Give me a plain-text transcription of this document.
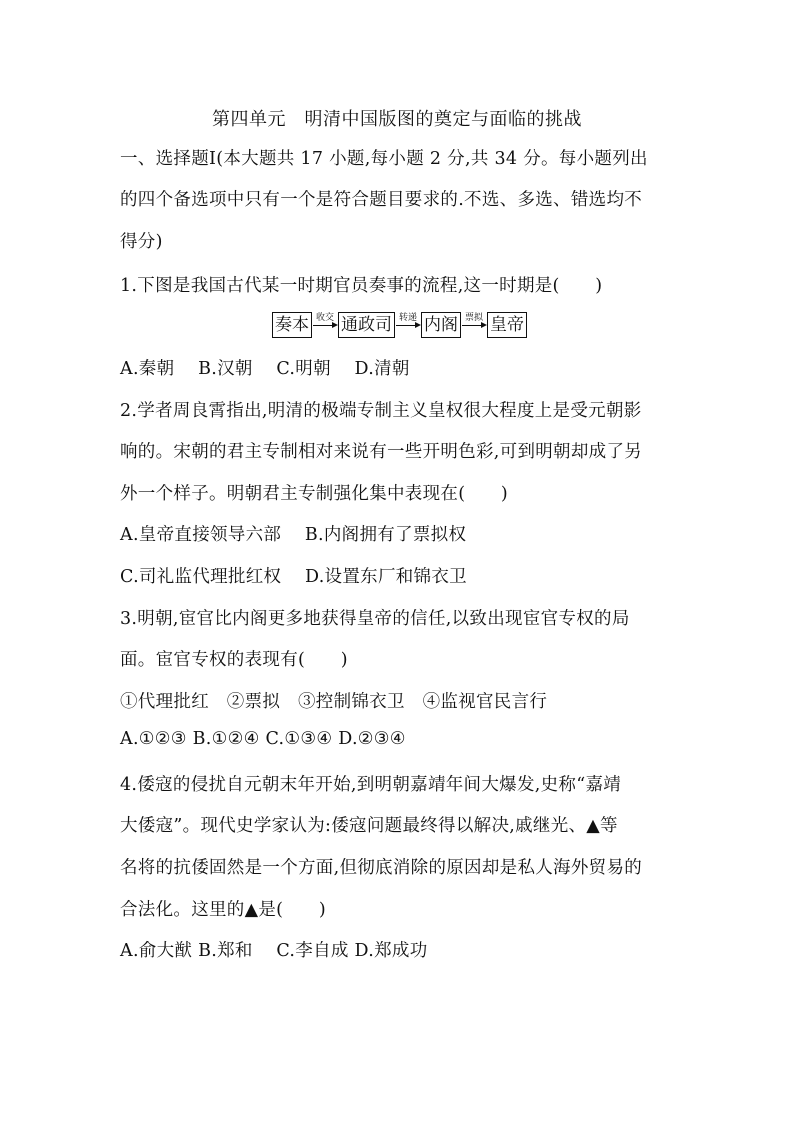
第四单元　明清中国版图的奠定与面临的挑战
一、选择题Ⅰ(本大题共 17 小题,每小题 2 分,共 34 分。每小题列出
的四个备选项中只有一个是符合题目要求的.不选、多选、错选均不
得分)
1.下图是我国古代某一时期官员奏事的流程,这一时期是(　　)
奏本 收交 通政司 转递 内阁 票拟 皇帝
A.秦朝　 B.汉朝　 C.明朝　 D.清朝
2.学者周良霄指出,明清的极端专制主义皇权很大程度上是受元朝影
响的。宋朝的君主专制相对来说有一些开明色彩,可到明朝却成了另
外一个样子。明朝君主专制强化集中表现在(　　)
A.皇帝直接领导六部　 B.内阁拥有了票拟权
C.司礼监代理批红权　 D.设置东厂和锦衣卫
3.明朝,宦官比内阁更多地获得皇帝的信任,以致出现宦官专权的局
面。宦官专权的表现有(　　)
①代理批红　②票拟　③控制锦衣卫　④监视官民言行
A.①②③ B.①②④ C.①③④ D.②③④
4.倭寇的侵扰自元朝末年开始,到明朝嘉靖年间大爆发,史称“嘉靖
大倭寇”。现代史学家认为:倭寇问题最终得以解决,戚继光、▲等
名将的抗倭固然是一个方面,但彻底消除的原因却是私人海外贸易的
合法化。这里的▲是(　　)
A.俞大猷 B.郑和　 C.李自成 D.郑成功
